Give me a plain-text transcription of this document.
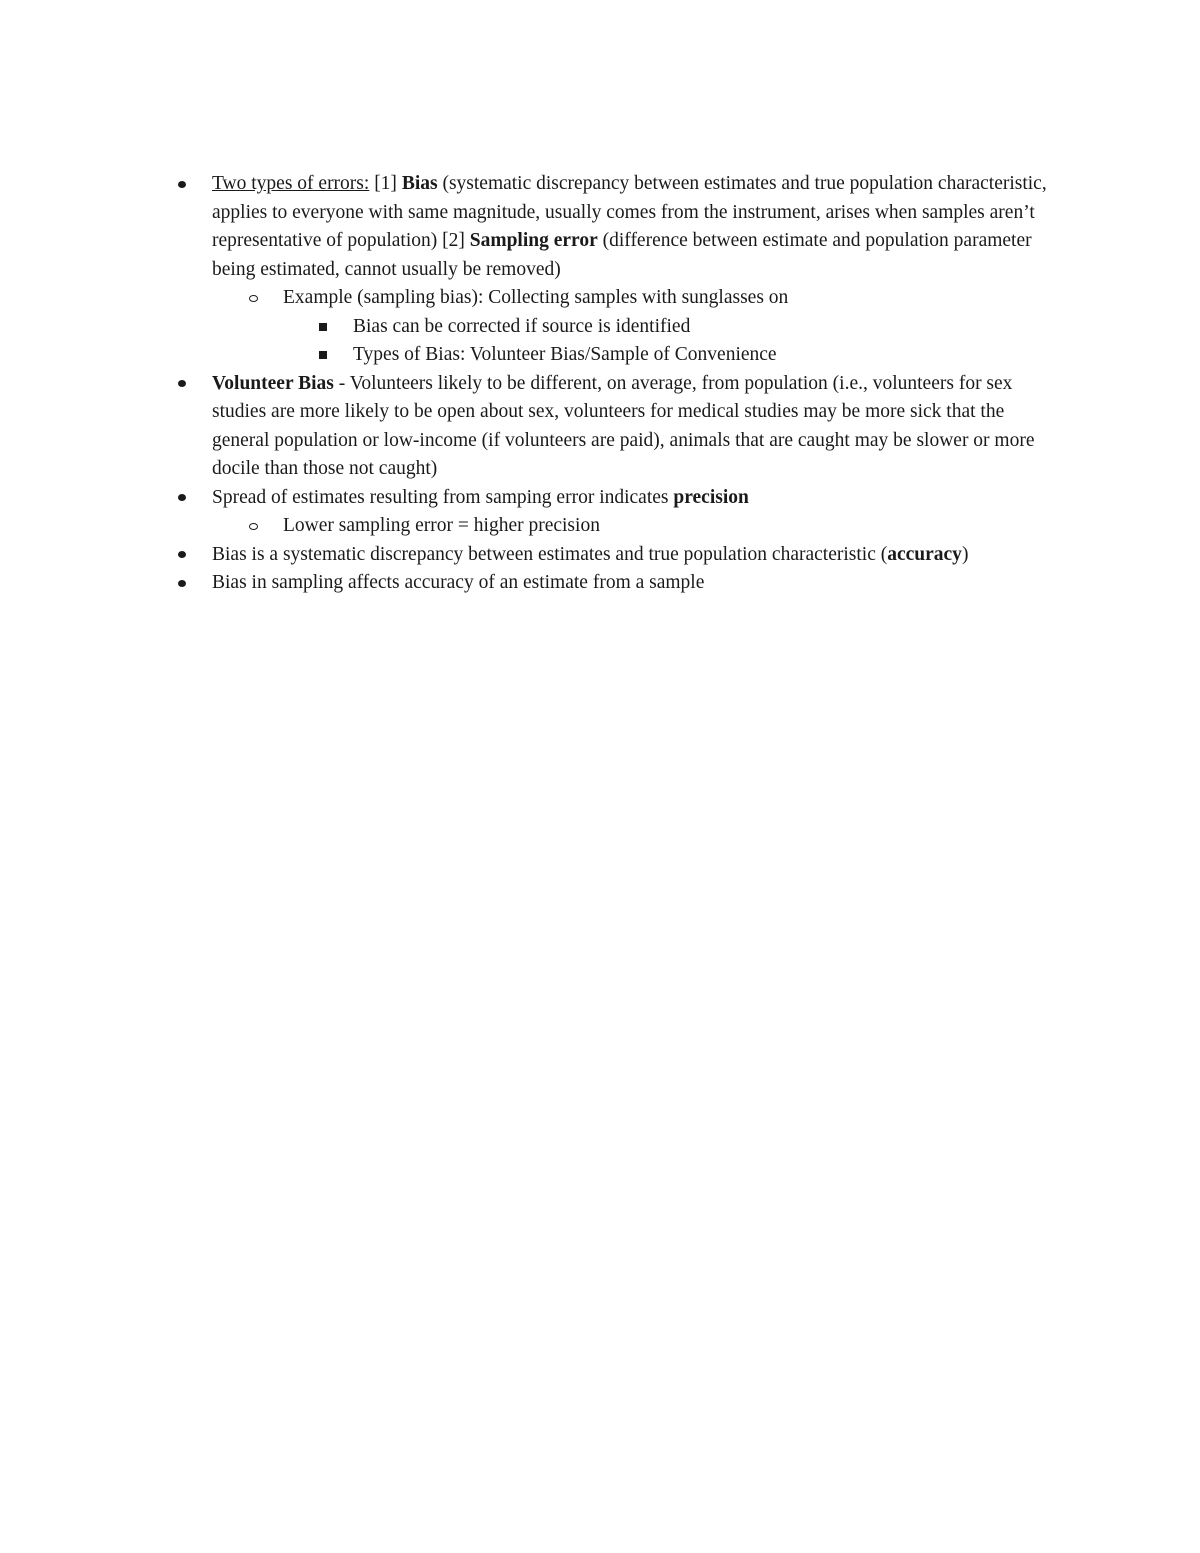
Two types of errors: [1] Bias (systematic discrepancy between estimates and true population characteristic, applies to everyone with same magnitude, usually comes from the instrument, arises when samples aren’t representative of population) [2] Sampling error (difference between estimate and population parameter being estimated, cannot usually be removed)
Example (sampling bias): Collecting samples with sunglasses on
Bias can be corrected if source is identified
Types of Bias: Volunteer Bias/Sample of Convenience
Volunteer Bias - Volunteers likely to be different, on average, from population (i.e., volunteers for sex studies are more likely to be open about sex, volunteers for medical studies may be more sick that the general population or low-income (if volunteers are paid), animals that are caught may be slower or more docile than those not caught)
Spread of estimates resulting from samping error indicates precision
Lower sampling error = higher precision
Bias is a systematic discrepancy between estimates and true population characteristic (accuracy)
Bias in sampling affects accuracy of an estimate from a sample
